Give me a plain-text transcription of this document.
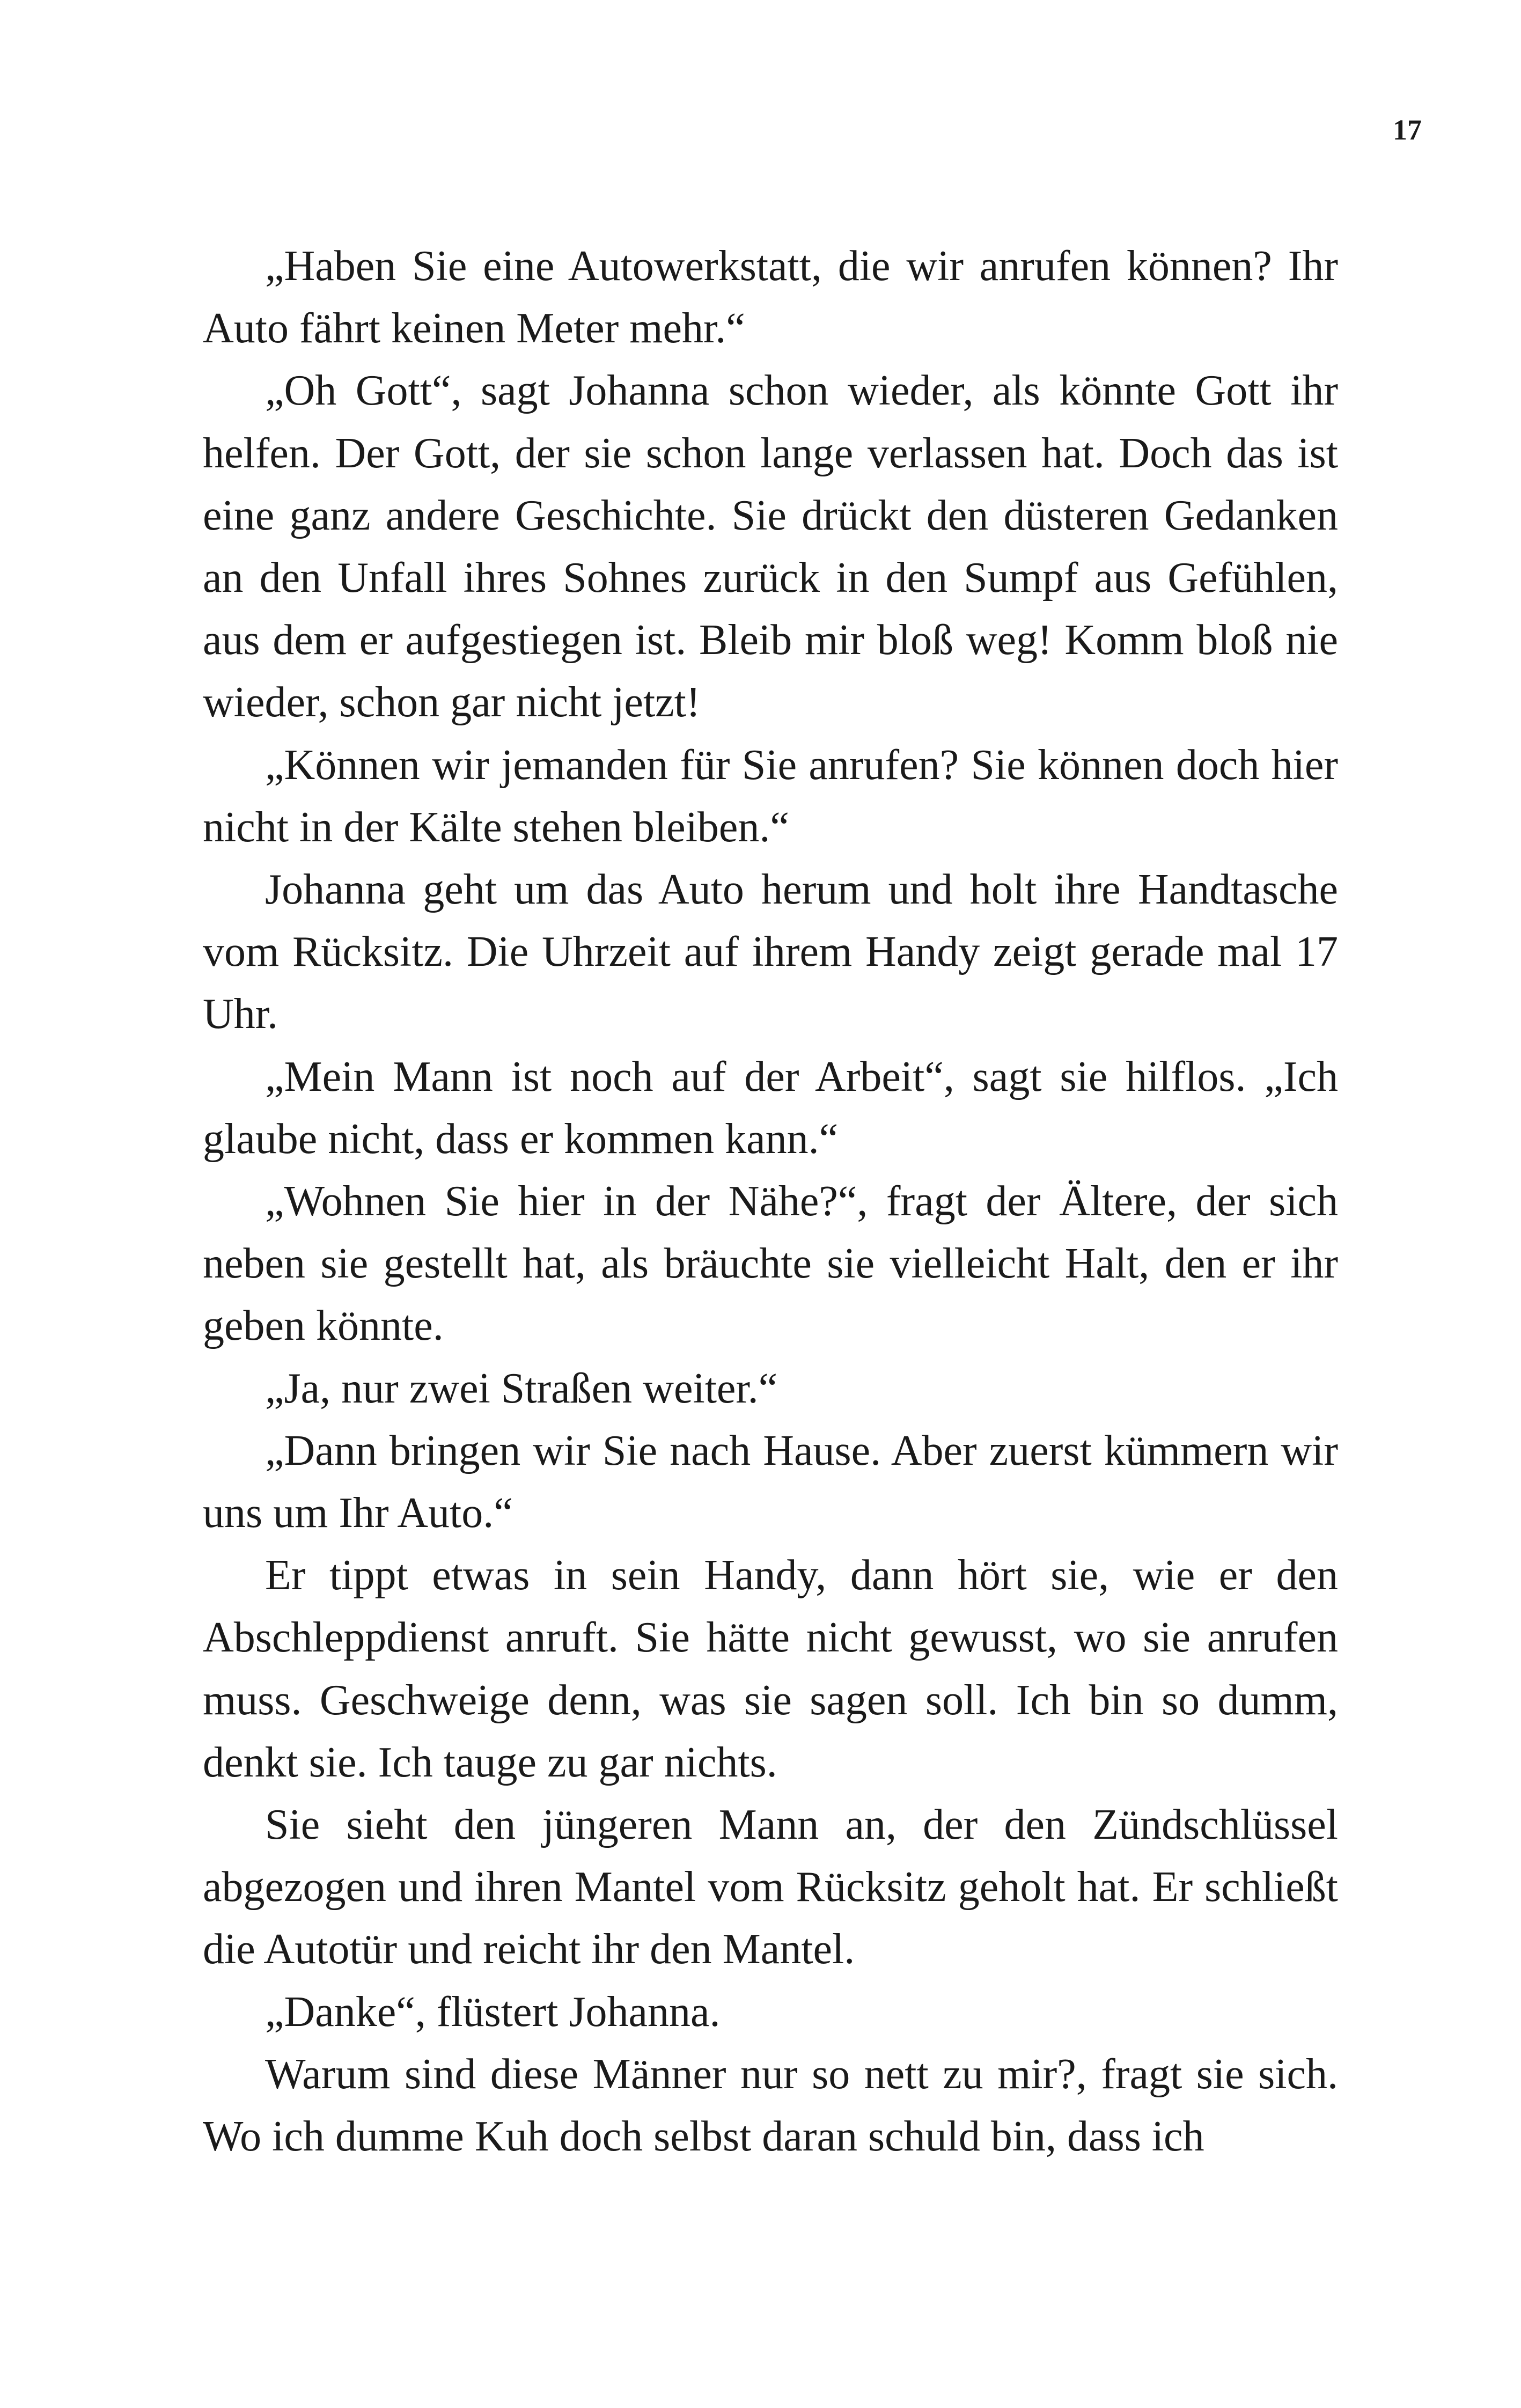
17

„Haben Sie eine Autowerkstatt, die wir anrufen können? Ihr Auto fährt keinen Meter mehr.“

„Oh Gott“, sagt Johanna schon wieder, als könnte Gott ihr helfen. Der Gott, der sie schon lange verlassen hat. Doch das ist eine ganz andere Geschichte. Sie drückt den düsteren Gedanken an den Unfall ihres Sohnes zurück in den Sumpf aus Gefühlen, aus dem er aufgestiegen ist. Bleib mir bloß weg! Komm bloß nie wieder, schon gar nicht jetzt!

„Können wir jemanden für Sie anrufen? Sie können doch hier nicht in der Kälte stehen bleiben.“

Johanna geht um das Auto herum und holt ihre Handtasche vom Rücksitz. Die Uhrzeit auf ihrem Handy zeigt gerade mal 17 Uhr.

„Mein Mann ist noch auf der Arbeit“, sagt sie hilflos. „Ich glaube nicht, dass er kommen kann.“

„Wohnen Sie hier in der Nähe?“, fragt der Ältere, der sich neben sie gestellt hat, als bräuchte sie vielleicht Halt, den er ihr geben könnte.

„Ja, nur zwei Straßen weiter.“

„Dann bringen wir Sie nach Hause. Aber zuerst kümmern wir uns um Ihr Auto.“

Er tippt etwas in sein Handy, dann hört sie, wie er den Abschleppdienst anruft. Sie hätte nicht gewusst, wo sie anrufen muss. Geschweige denn, was sie sagen soll. Ich bin so dumm, denkt sie. Ich tauge zu gar nichts.

Sie sieht den jüngeren Mann an, der den Zündschlüssel abgezogen und ihren Mantel vom Rücksitz geholt hat. Er schließt die Autotür und reicht ihr den Mantel.

„Danke“, flüstert Johanna.

Warum sind diese Männer nur so nett zu mir?, fragt sie sich. Wo ich dumme Kuh doch selbst daran schuld bin, dass ich
